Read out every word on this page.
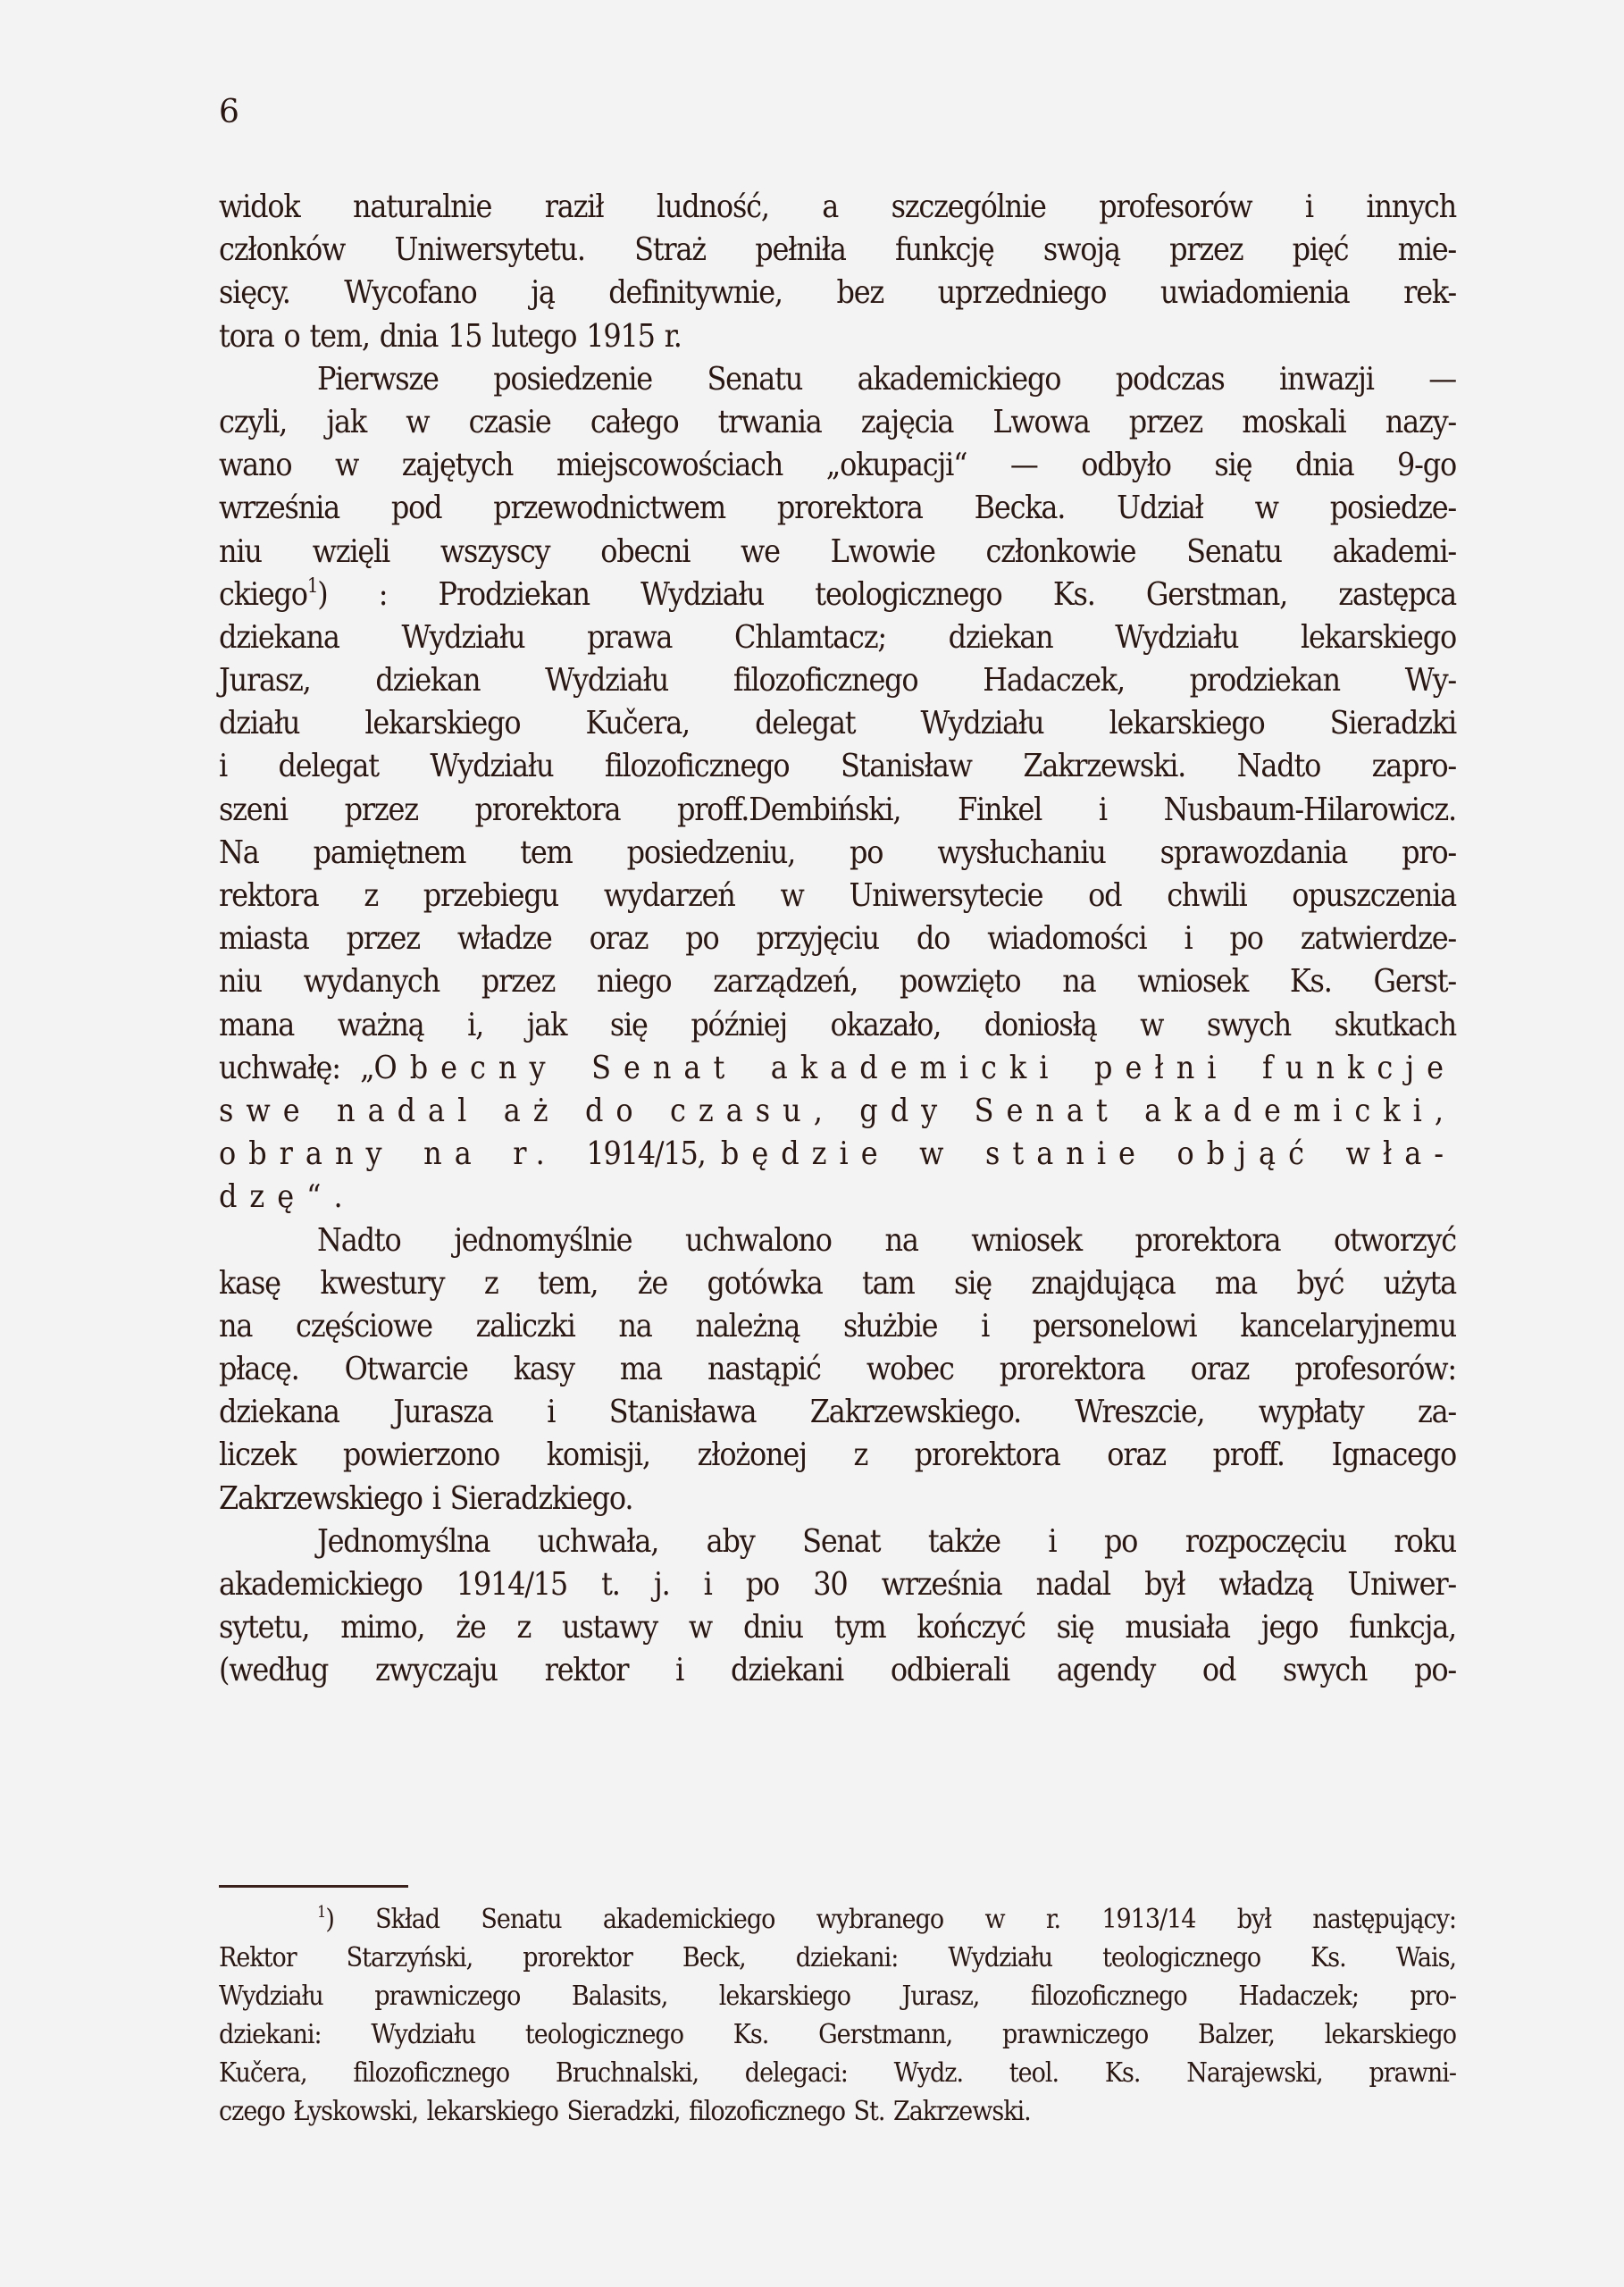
6
widok naturalnie raził ludność, a szczególnie profesorów i innych
członków Uniwersytetu. Straż pełniła funkcję swoją przez pięć mie-
sięcy. Wycofano ją definitywnie, bez uprzedniego uwiadomienia rek-
tora o tem, dnia 15 lutego 1915 r.
Pierwsze posiedzenie Senatu akademickiego podczas inwazji —
czyli, jak w czasie całego trwania zajęcia Lwowa przez moskali nazy-
wano w zajętych miejscowościach „okupacji“ — odbyło się dnia 9-go
września pod przewodnictwem prorektora Becka. Udział w posiedze-
niu wzięli wszyscy obecni we Lwowie członkowie Senatu akademi-
ckiego$^1$) : Prodziekan Wydziału teologicznego Ks. Gerstman, zastępca
dziekana Wydziału prawa Chlamtacz; dziekan Wydziału lekarskiego
Jurasz, dziekan Wydziału filozoficznego Hadaczek, prodziekan Wy-
działu lekarskiego Kučera, delegat Wydziału lekarskiego Sieradzki
i delegat Wydziału filozoficznego Stanisław Zakrzewski. Nadto zapro-
szeni przez prorektora proff.Dembiński, Finkel i Nusbaum-Hilarowicz.
Na pamiętnem tem posiedzeniu, po wysłuchaniu sprawozdania pro-
rektora z przebiegu wydarzeń w Uniwersytecie od chwili opuszczenia
miasta przez władze oraz po przyjęciu do wiadomości i po zatwierdze-
niu wydanych przez niego zarządzeń, powzięto na wniosek Ks. Gerst-
mana ważną i, jak się później okazało, doniosłą w swych skutkach
uchwałę: „Obecny Senat akademicki pełni funkcje
swe nadal aż do czasu, gdy Senat akademicki,
obrany na r. 1914/15, będzie w stanie objąć wła-
dzę“.
Nadto jednomyślnie uchwalono na wniosek prorektora otworzyć
kasę kwestury z tem, że gotówka tam się znajdująca ma być użyta
na częściowe zaliczki na należną służbie i personelowi kancelaryjnemu
płacę. Otwarcie kasy ma nastąpić wobec prorektora oraz profesorów:
dziekana Jurasza i Stanisława Zakrzewskiego. Wreszcie, wypłaty za-
liczek powierzono komisji, złożonej z prorektora oraz proff. Ignacego
Zakrzewskiego i Sieradzkiego.
Jednomyślna uchwała, aby Senat także i po rozpoczęciu roku
akademickiego 1914/15 t. j. i po 30 września nadal był władzą Uniwer-
sytetu, mimo, że z ustawy w dniu tym kończyć się musiała jego funkcja,
(według zwyczaju rektor i dziekani odbierali agendy od swych po-
$^1$) Skład Senatu akademickiego wybranego w r. 1913/14 był następujący:
Rektor Starzyński, prorektor Beck, dziekani: Wydziału teologicznego Ks. Wais,
Wydziału prawniczego Balasits, lekarskiego Jurasz, filozoficznego Hadaczek; pro-
dziekani: Wydziału teologicznego Ks. Gerstmann, prawniczego Balzer, lekarskiego
Kučera, filozoficznego Bruchnalski, delegaci: Wydz. teol. Ks. Narajewski, prawni-
czego Łyskowski, lekarskiego Sieradzki, filozoficznego St. Zakrzewski.
